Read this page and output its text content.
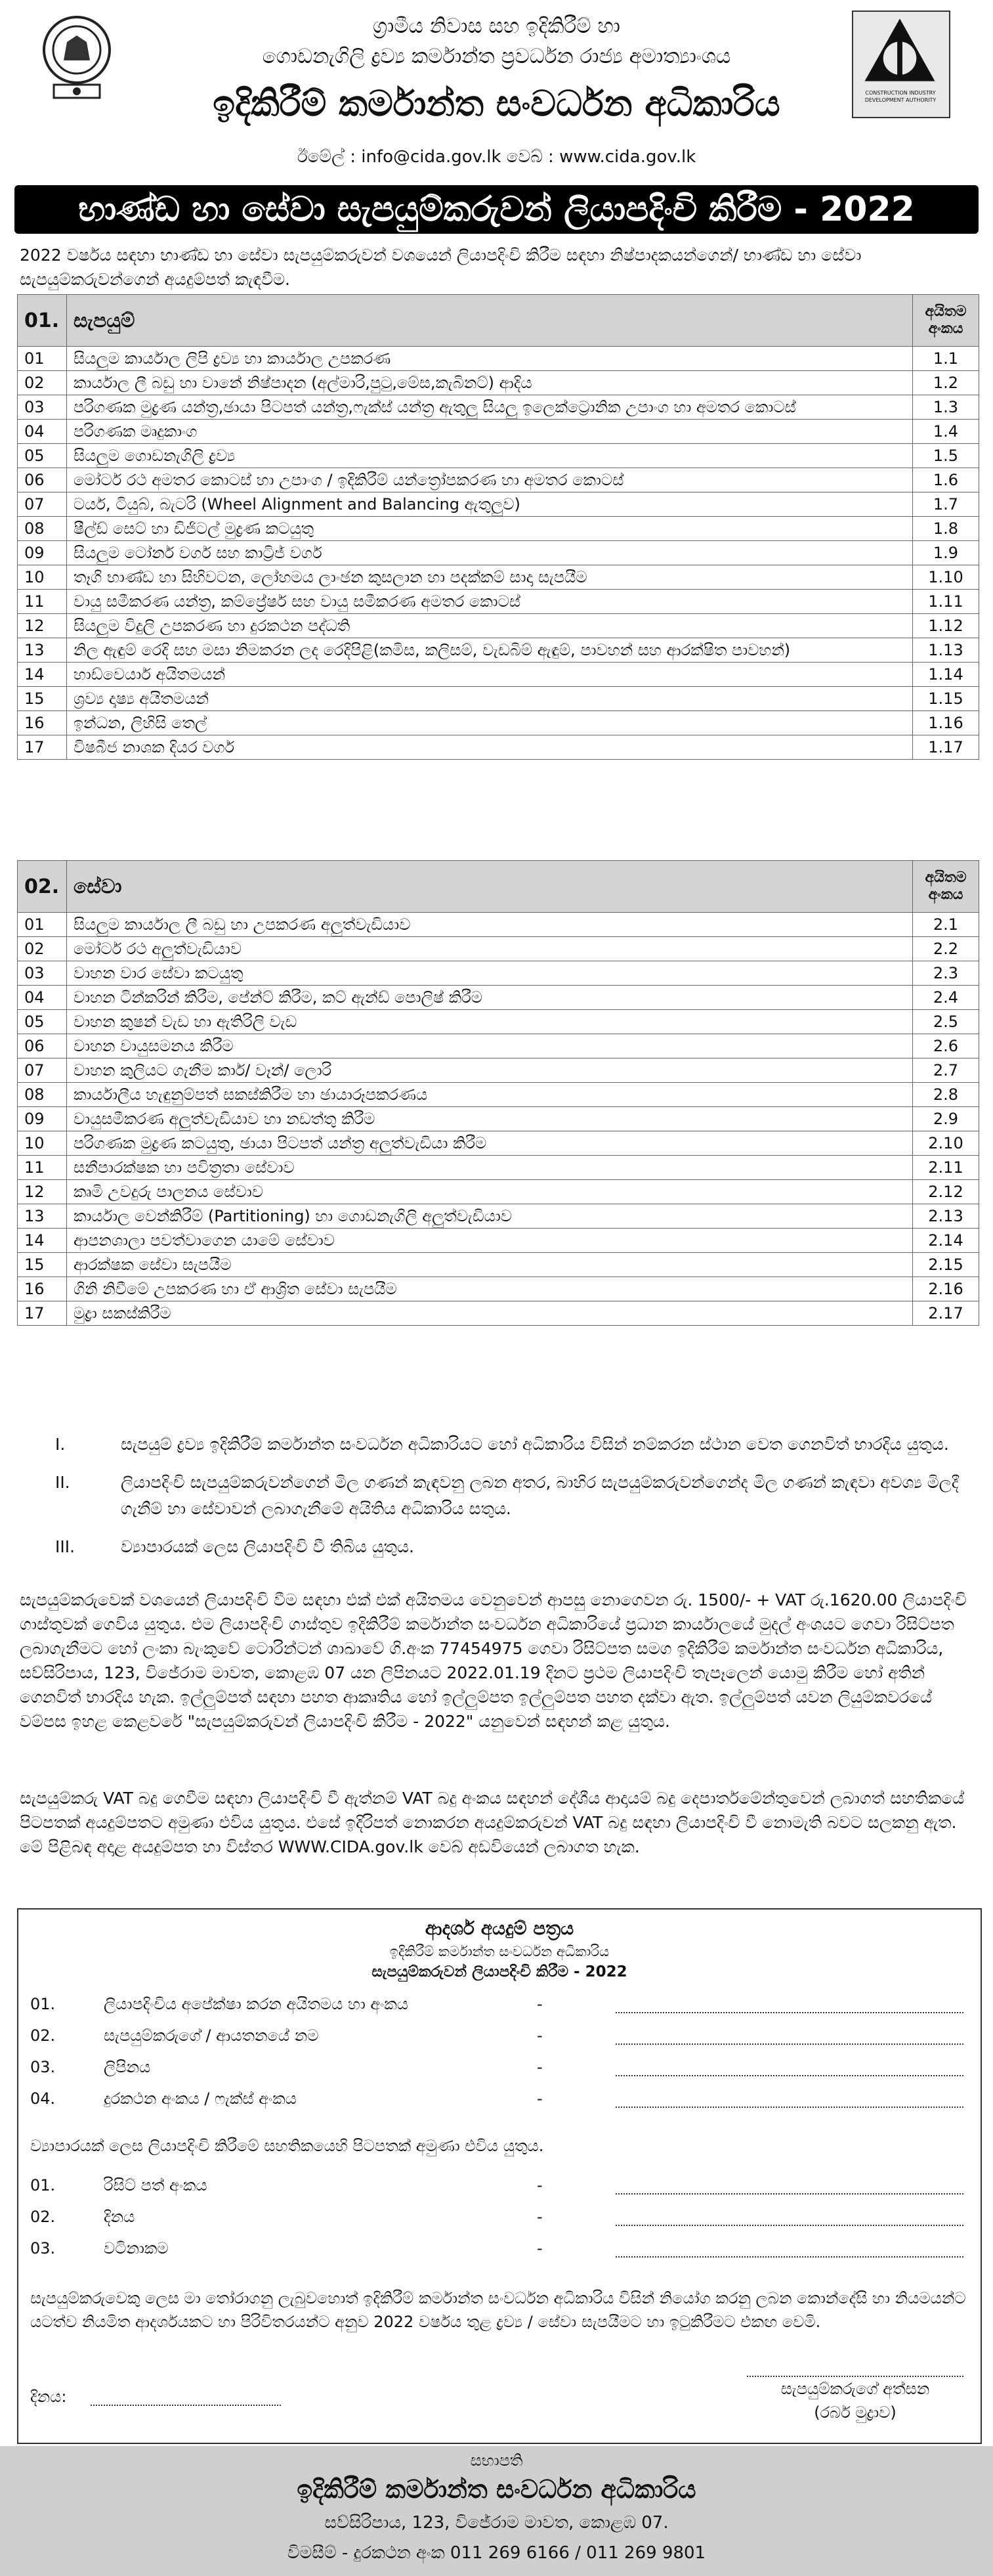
ග්‍රාමීය නිවාස සහ ඉදිකිරීම් හා
ගොඩනැගිලි ද්‍රව්‍ය කර්මාන්ත ප්‍රවර්ධන රාජ්‍ය අමාත්‍යාංශය
ඉදිකිරීම් කර්මාන්ත සංවර්ධන අධිකාරිය
ඊමේල් : info@cida.gov.lk වෙබ් : www.cida.gov.lk
CONSTRUCTION INDUSTRY DEVELOPMENT AUTHORITY
භාණ්ඩ හා සේවා සැපයුම්කරුවන් ලියාපදිංචි කිරීම - 2022
2022 වර්ෂය සඳහා භාණ්ඩ හා සේවා සැපයුම්කරුවන් වශයෙන් ලියාපදිංචි කිරීම සඳහා නිෂ්පාදකයන්ගෙන්/ භාණ්ඩ හා සේවා සැපයුම්කරුවන්ගෙන් අයදුම්පත් කැඳවීම.
01.	සැපයුම්	අයිතම අංකය
01	සියලුම කාර්යාල ලිපි ද්‍රව්‍ය හා කාර්යාල උපකරණ	1.1
02	කාර්යාල ලී බඩු හා වානේ නිෂ්පාදන (අල්මාරි,පුටු,මේස,කැබිනට්) ආදිය	1.2
03	පරිගණක මුද්‍රණ යන්ත්‍ර,ඡායා පිටපත් යන්ත්‍ර,ෆැක්ස් යන්ත්‍ර ඇතුලු සියලු ඉලෙක්ට්‍රොනික උපාංග හා අමතර කොටස්	1.3
04	පරිගණක මෘදුකාංග	1.4
05	සියලුම ගොඩනැගිලි ද්‍රව්‍ය	1.5
06	මෝටර් රථ අමතර කොටස් හා උපාංග / ඉදිකිරීම් යන්ත්‍රෝපකරණ හා අමතර කොටස්	1.6
07	ටයර්, ටියුබ්, බැටරි (Wheel Alignment and Balancing ඇතුලුව)	1.7
08	ෂීල්ඩ් සෙට් හා ඩිජිටල් මුද්‍රණ කටයුතු	1.8
09	සියලුම ටෝනර් වර්ග සහ කාට්‍රිජ් වර්ග	1.9
10	තෑගි භාණ්ඩ හා සිහිවටන, ලෝහමය ලාංඡන කුසලාන හා පදක්කම් සාදා සැපයීම	1.10
11	වායු සමීකරණ යන්ත්‍ර, කම්ප්‍රේෂර් සහ වායු සමීකරණ අමතර කොටස්	1.11
12	සියලුම විදුලි උපකරණ හා දුරකථන පද්ධති	1.12
13	නිල ඇඳුම් රෙදි සහ මසා නිමකරන ලද රෙදිපිළි(කමිස, කලිසම්, වැඩබිම් ඇඳුම්, පාවහන් සහ ආරක්ෂිත පාවහන්)	1.13
14	හාඩ්වෙයාර් අයිතමයන්	1.14
15	ශ්‍රව්‍ය දෘෂ්‍ය අයිතමයන්	1.15
16	ඉන්ධන, ලිහිසි තෙල්	1.16
17	විෂබීජ නාශක දියර වර්ග	1.17
02.	සේවා	අයිතම අංකය
01	සියලුම කාර්යාල ලී බඩු හා උපකරණ අලුත්වැඩියාව	2.1
02	මෝටර් රථ අලුත්වැඩියාව	2.2
03	වාහන වාර සේවා කටයුතු	2.3
04	වාහන ටින්කරින් කිරීම, පේන්ට් කිරීම, කට් ඇන්ඩ් පොලිෂ් කිරීම	2.4
05	වාහන කුෂන් වැඩ හා ඇතිරිලි වැඩ	2.5
06	වාහන වායුසමනය කිරීම	2.6
07	වාහන කුලියට ගැනීම කාර්/ වෑන්/ ලොරි	2.7
08	කාර්යාලීය හැඳුනුම්පත් සකස්කිරීම හා ඡායාරූපකරණය	2.8
09	වායුසමීකරණ අලුත්වැඩියාව හා නඩත්තු කිරීම	2.9
10	පරිගණක මුද්‍රණ කටයුතු, ඡායා පිටපත් යන්ත්‍ර අලුත්වැඩියා කිරීම	2.10
11	සනීපාරක්ෂක හා පවිත්‍රතා සේවාව	2.11
12	කෘමි උවදුරු පාලනය සේවාව	2.12
13	කාර්යාල වෙන්කිරීම් (Partitioning) හා ගොඩනැගිලි අලුත්වැඩියාව	2.13
14	ආපනශාලා පවත්වාගෙන යාමේ සේවාව	2.14
15	ආරක්ෂක සේවා සැපයීම	2.15
16	ගිනි නිවීමේ උපකරණ හා ඒ ආශ්‍රිත සේවා සැපයීම	2.16
17	මුද්‍රා සකස්කිරීම	2.17
I.	සැපයුම් ද්‍රව්‍ය ඉදිකිරීම් කර්මාන්ත සංවර්ධන අධිකාරියට හෝ අධිකාරිය විසින් නම්කරන ස්ථාන වෙත ගෙනවිත් භාරදිය යුතුය.
II.	ලියාපදිංචි සැපයුම්කරුවන්ගෙන් මිල ගණන් කැඳවනු ලබන අතර, බාහිර සැපයුම්කරුවන්ගෙන්ද මිල ගණන් කැඳවා අවශ්‍ය මිලදී ගැනීම් හා සේවාවන් ලබාගැනීමේ අයිතිය අධිකාරිය සතුය.
III.	ව්‍යාපාරයක් ලෙස ලියාපදිංචි වී තිබිය යුතුය.
සැපයුම්කරුවෙක් වශයෙන් ලියාපදිංචි වීම සඳහා එක් එක් අයිතමය වෙනුවෙන් ආපසු නොගෙවන රු. 1500/- + VAT රු.1620.00 ලියාපදිංචි ගාස්තුවක් ගෙවිය යුතුය. එම ලියාපදිංචි ගාස්තුව ඉදිකිරීම් කර්මාන්ත සංවර්ධන අධිකාරියේ ප්‍රධාන කාර්යාලයේ මුදල් අංශයට ගෙවා රිසිට්පත ලබාගැනීමට හෝ ලංකා බැංකුවේ ටොරින්ටන් ශාඛාවේ ගි.අංක 77454975 ගෙවා රිසිට්පත සමග ඉදිකිරීම් කර්මාන්ත සංවර්ධන අධිකාරිය, සව්සිරිපාය, 123, විජේරාම මාවත, කොළඹ 07 යන ලිපිනයට 2022.01.19 දිනට ප්‍රථම ලියාපදිංචි තැපෑලෙන් යොමු කිරීම හෝ අතින් ගෙනවිත් භාරදිය හැක. ඉල්ලුම්පත් සඳහා පහත ආකෘතිය හෝ ඉල්ලුම්පත ඉල්ලුම්පත පහත දක්වා ඇත. ඉල්ලුම්පත් යවන ලියුම්කවරයේ වම්පස ඉහළ කෙළවරේ "සැපයුම්කරුවන් ලියාපදිංචි කිරීම - 2022" යනුවෙන් සඳහන් කළ යුතුය.
සැපයුම්කරු VAT බදු ගෙවීම සඳහා ලියාපදිංචි වී ඇත්නම් VAT බදු අංකය සඳහන් දේශීය ආදායම් බදු දෙපාර්තමේන්තුවෙන් ලබාගත් සහතිකයේ පිටපතක් අයදුම්පතට අමුණා එවිය යුතුය. එසේ ඉදිරිපත් නොකරන අයදුම්කරුවන් VAT බදු සඳහා ලියාපදිංචි වී නොමැති බවට සලකනු ඇත. මේ පිළිබඳ අදාළ අයදුම්පත හා විස්තර WWW.CIDA.gov.lk වෙබ් අඩවියෙන් ලබාගත හැක.
ආදර්ශ අයදුම් පත්‍රය
ඉදිකිරීම් කර්මාන්ත සංවර්ධන අධිකාරිය
සැපයුම්කරුවන් ලියාපදිංචි කිරීම - 2022
01.	ලියාපදිංචිය අපේක්ෂා කරන අයිතමය හා අංකය	-
02.	සැපයුම්කරුගේ / ආයතනයේ නම	-
03.	ලිපිනය	-
04.	දුරකථන අංකය / ෆැක්ස් අංකය	-
ව්‍යාපාරයක් ලෙස ලියාපදිංචි කිරීමේ සහතිකයෙහි පිටපතක් අමුණා එවිය යුතුය.
01.	රිසිට් පත් අංකය	-
02.	දිනය	-
03.	වටිනාකම	-
සැපයුම්කරුවෙකු ලෙස මා තෝරාගනු ලැබුවහොත් ඉදිකිරීම් කර්මාන්ත සංවර්ධන අධිකාරිය විසින් නියෝග කරනු ලබන කොන්දේසි හා නියමයන්ට යටත්ව නියමිත ආදර්ශයකට හා පිරිවිතරයන්ට අනුව 2022 වර්ෂය තුළ ද්‍රව්‍ය / සේවා සැපයීමට හා ඉටුකිරීමට එකඟ වෙමි.
දිනය:	සැපයුම්කරුගේ අත්සන
(රබර් මුද්‍රාව)
සභාපති
ඉදිකිරීම් කර්මාන්ත සංවර්ධන අධිකාරිය
සව්සිරිපාය, 123, විජේරාම මාවත, කොළඹ 07.
විමසීම් - දුරකථන අංක 011 269 6166 / 011 269 9801
